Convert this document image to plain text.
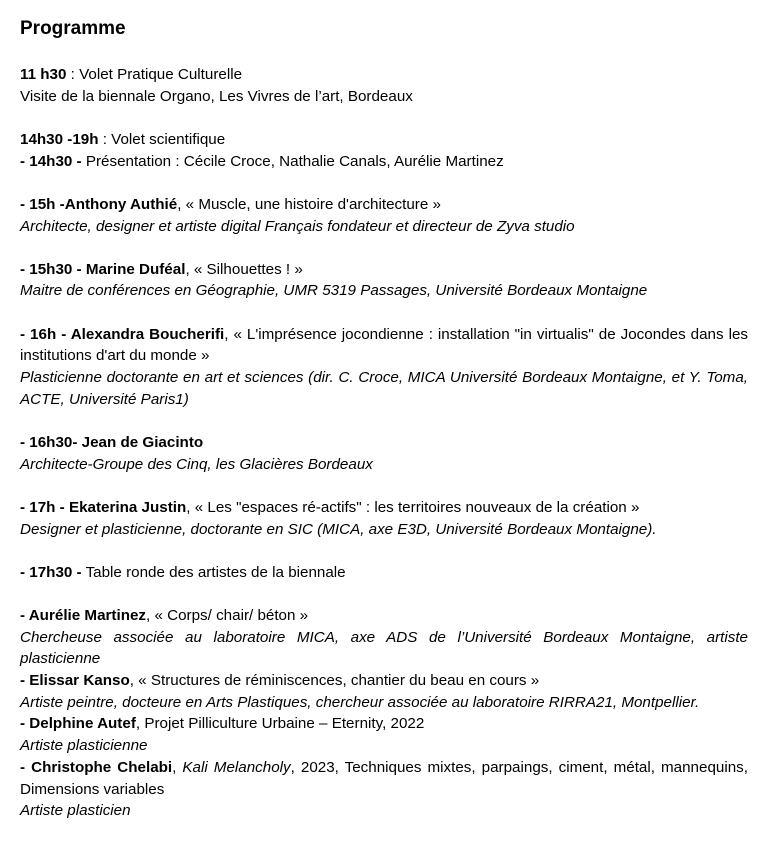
Programme

11 h30 : Volet Pratique Culturelle

Visite de la biennale Organo, Les Vivres de l’art, Bordeaux

14h30 -19h : Volet scientifique

- 14h30 - Présentation : Cécile Croce, Nathalie Canals, Aurélie Martinez

- 15h -Anthony Authié, « Muscle, une histoire d'architecture »

Architecte, designer et artiste digital Français fondateur et directeur de Zyva studio

- 15h30 - Marine Duféal, « Silhouettes ! »

Maitre de conférences en Géographie, UMR 5319 Passages, Université Bordeaux Montaigne

- 16h - Alexandra Boucherifi, « L'imprésence jocondienne : installation "in virtualis" de Jocondes dans les institutions d'art du monde »

Plasticienne doctorante en art et sciences (dir. C. Croce, MICA Université Bordeaux Montaigne, et Y. Toma, ACTE, Université Paris1)

- 16h30- Jean de Giacinto

Architecte-Groupe des Cinq, les Glacières Bordeaux

- 17h - Ekaterina Justin, « Les "espaces ré-actifs" : les territoires nouveaux de la création »

Designer et plasticienne, doctorante en SIC (MICA, axe E3D, Université Bordeaux Montaigne).

- 17h30 - Table ronde des artistes de la biennale

- Aurélie Martinez, « Corps/ chair/ béton »

Chercheuse associée au laboratoire MICA, axe ADS de l’Université Bordeaux Montaigne, artiste plasticienne

- Elissar Kanso, « Structures de réminiscences, chantier du beau en cours »

Artiste peintre, docteure en Arts Plastiques, chercheur associée au laboratoire RIRRA21, Montpellier.

- Delphine Autef, Projet Pilliculture Urbaine – Eternity, 2022

Artiste plasticienne

- Christophe Chelabi, Kali Melancholy, 2023, Techniques mixtes, parpaings, ciment, métal, mannequins, Dimensions variables

Artiste plasticien
